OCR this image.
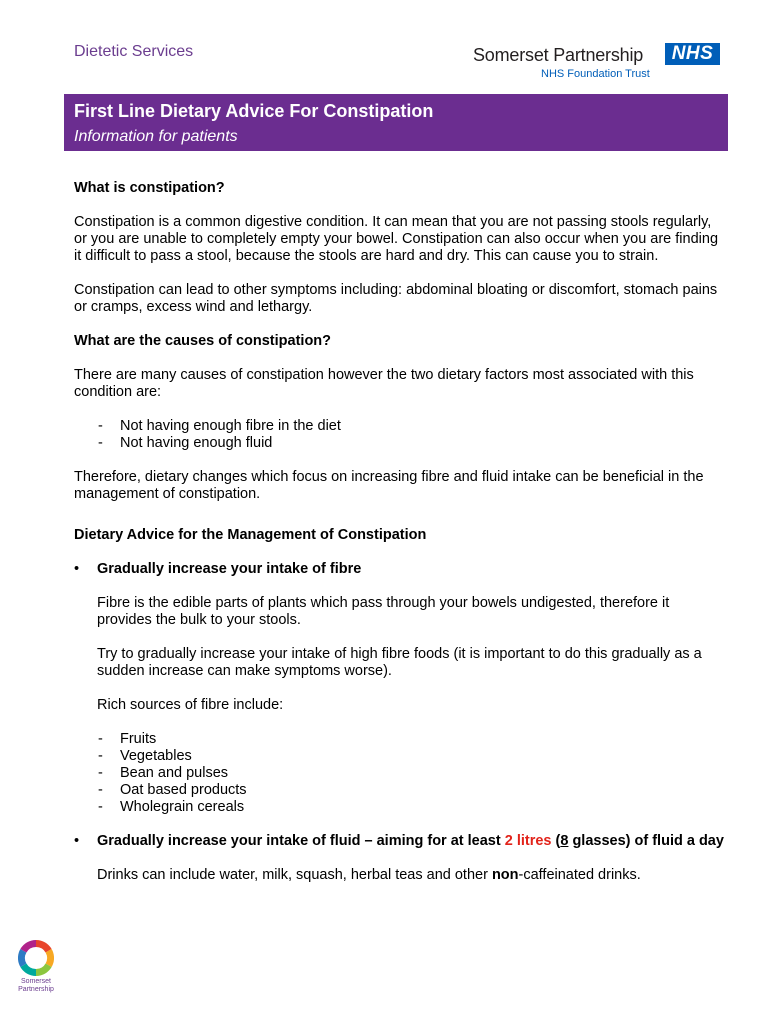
Dietetic Services	Somerset Partnership	NHS
NHS Foundation Trust
First Line Dietary Advice For Constipation
Information for patients

What is constipation?

Constipation is a common digestive condition. It can mean that you are not passing stools regularly, or you are unable to completely empty your bowel. Constipation can also occur when you are finding it difficult to pass a stool, because the stools are hard and dry. This can cause you to strain.

Constipation can lead to other symptoms including: abdominal bloating or discomfort, stomach pains or cramps, excess wind and lethargy.

What are the causes of constipation?

There are many causes of constipation however the two dietary factors most associated with this condition are:

- Not having enough fibre in the diet
- Not having enough fluid

Therefore, dietary changes which focus on increasing fibre and fluid intake can be beneficial in the management of constipation.

Dietary Advice for the Management of Constipation

• Gradually increase your intake of fibre

Fibre is the edible parts of plants which pass through your bowels undigested, therefore it provides the bulk to your stools.

Try to gradually increase your intake of high fibre foods (it is important to do this gradually as a sudden increase can make symptoms worse).

Rich sources of fibre include:

- Fruits
- Vegetables
- Bean and pulses
- Oat based products
- Wholegrain cereals

• Gradually increase your intake of fluid – aiming for at least 2 litres (8 glasses) of fluid a day

Drinks can include water, milk, squash, herbal teas and other non-caffeinated drinks.

Somerset
Partnership
